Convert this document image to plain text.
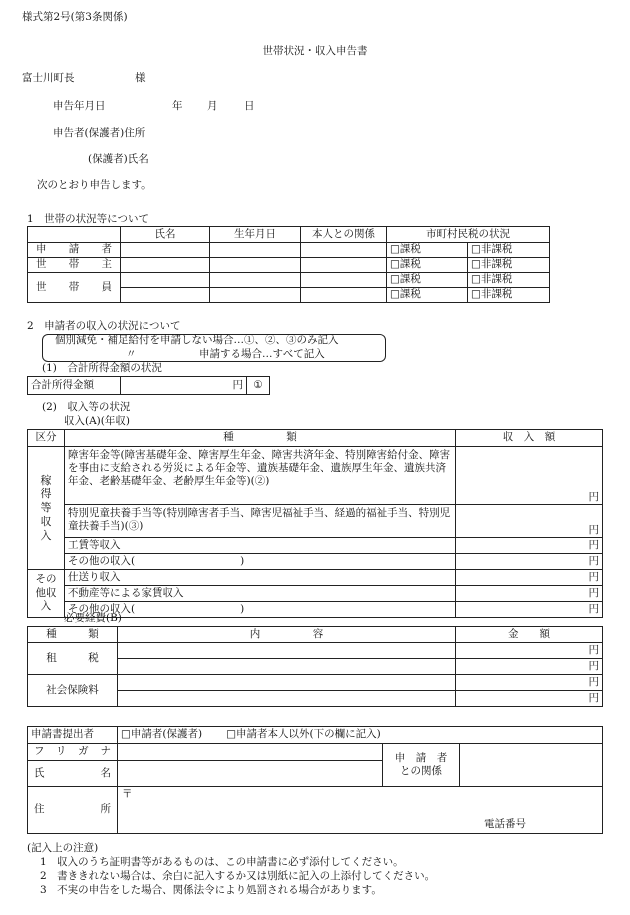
様式第2号(第3条関係)
世帯状況・収入申告書
富士川町長	様
申告年月日	年 月	日
申告者(保護者)住所
(保護者)氏名
次のとおり申告します。
1　世帯の状況等について
	氏名	生年月日	本人との関係	市町村民税の状況	
申請者				□課税	□非課税
世帯主				□課税	□非課税
世帯員				□課税	□非課税
				□課税	□非課税
2　申請者の収入の状況について
個別減免・補足給付を申請しない場合…①、②、③のみ記入
〃	申請する場合…すべて記入
(1)　合計所得金額の状況
合計所得金額	円	①
(2)　収入等の状況
収入(A)(年収)
区分	種　　　　　類	収　入　額
稼得等収入	障害年金等(障害基礎年金、障害厚生年金、障害共済年金、特別障害給付金、障害を事由に支給される労災による年金等、遺族基礎年金、遺族厚生年金、遺族共済年金、老齢基礎年金、老齢厚生年金等)(②)	円
	特別児童扶養手当等(特別障害者手当、障害児福祉手当、経過的福祉手当、特別児童扶養手当)(③)	円
	工賃等収入	円
	その他の収入(　　　　　　　　　　)	円
その他収入	仕送り収入	円
	不動産等による家賃収入	円
	その他の収入(　　　　　　　　　　)	円
必要経費(B)
種　　　類	内　　　　　容	金　　額
租　　　税		円
		円
社会保険料		円
		円
申請書提出者	□申請者(保護者) □申請者本人以外(下の欄に記入)		
フリガナ		申　請　者との関係	
氏名			
住所	〒
電話番号		
(記入上の注意)
1　収入のうち証明書等があるものは、この申請書に必ず添付してください。
2　書ききれない場合は、余白に記入するか又は別紙に記入の上添付してください。
3　不実の申告をした場合、関係法令により処罰される場合があります。
